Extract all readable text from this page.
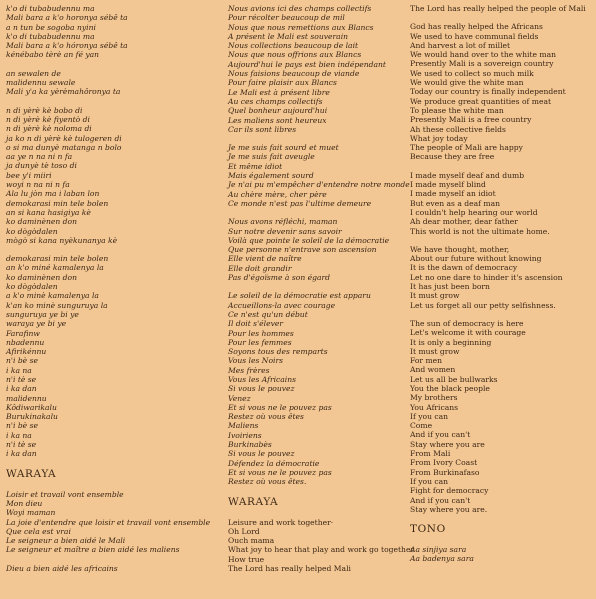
k'o di tubabudennu ma
Mali bara a k'o horonya sébê ta
a n tun be sogoba nyini
k'o di tubabudennu ma
Mali bara a k'o hóronya sébê ta
kénébabo tèrè an fé yan
an sewalen de
malidennu sewale
Mali y'a ka yèrèmahôronya ta
n di yèrè kè bobo di
n di yèrè kè fiyentò di
n di yèrè kè nolomа di
ja ko n di yèrè kè tulogeren di
o si ma dunyè matanga n bolo
aa ye n na ni n fa
ja dunyè tè toso di
bee y'i miiri
woyi n na ni n fa
Ala lu jòn ma i laban lon
demokarasi min tele bolen
an si kana hasigiya kè
ko daminènen don
ko dògòdalen
mògò si kana nyèkunanya kè
demokarasi min tele bolen
an k'o miné kamalenya la
ko daminènen don
ko dògòdalen
a k'o minè kamalenya la
k'an ko minè sunguruya la
sunguruya ye bi ye
waraya ye bi ye
Farafinw
nbadennu
Afirikénnu
n'i bè se
i ka na
n'i tè se
i ka dan
malidennu
Kôdiwarikalu
Burukinakalu
n'i bè se
i ka na
n'i tè se
i ka dan
WARAYA
Loisir et travail vont ensemble
Mon dieu
Woyi maman
La joie d'entendre que loisir et travail vont ensemble
Que cela est vrai
Le seigneur a bien aidé le Mali
Le seigneur et maître a bien aidé les maliens
Dieu a bien aidé les africains
Nous avions ici des champs collectifs
Pour récolter beaucoup de mil
Nous que nous remettions aux Blancs
A présent le Mali est souverain
Nous collections beaucoup de lait
Nous que nous offrions aux Blancs
Aujourd'hui le pays est bien indépendant
Nous faisions beaucoup de viande
Pour faire plaisir aux Blancs
Le Mali est à présent libre
Au ces champs collectifs
Quel bonheur aujourd'hui
Les maliens sont heureux
Car ils sont libres
Je me suis fait sourd et muet
Je me suis fait aveugle
Et même idiot
Mais également sourd
Je n'ai pu m'empêcher d'entendre notre monde
Au chère mère, cher père
Ce monde n'est pas l'ultime demeure
Nous avons réfléchi, maman
Sur notre devenir sans savoir
Voilà que pointe le soleil de la démocratie
Que personne n'entrave son ascension
Elle vient de naître
Elle doit grandir
Pas d'égoïsme à son égard
Le soleil de la démocratie est apparu
Accueillons-la avec courage
Ce n'est qu'un début
Il doit s'élever
Pour les hommes
Pour les femmes
Soyons tous des remparts
Vous les Noirs
Mes frères
Vous les Africains
Si vous le pouvez
Venez
Et si vous ne le pouvez pas
Restez où vous êtes
Maliens
Ivoiriens
Burkinabès
Si vous le pouvez
Défendez la démocratie
Et si vous ne le pouvez pas
Restez où vous êtes.
WARAYA
Leisure and work together·
Oh Lord
Ouch mama
What joy to hear that play and work go together
How true
The Lord has really helped Mali
The Lord has really helped the people of Mali
God has really helped the Africans
We used to have communal fields
And harvest a lot of millet
We would hand over to the white man
Presently Mali is a sovereign country
We used to collect so much milk
We would give the white man
Today our country is finally independent
We produce great quantities of meat
To please the white man
Presently Mali is a free country
Ah these collective fields
What joy today
The people of Mali are happy
Because they are free
I made myself deaf and dumb
I made myself blind
I made myself an idiot
But even as a deaf man
I couldn't help hearing our world
Ah dear mother, dear father
This world is not the ultimate home.
We have thought, mother,
About our future without knowing
It is the dawn of democracy
Let no one dare to hinder it's ascension
It has just been born
It must grow
Let us forget all our petty selfishness.
The sun of democracy is here
Let's welcome it with courage
It is only a beginning
It must grow
For men
And women
Let us all be bullwarks
You the black people
My brothers
You Africans
If you can
Come
And if you can't
Stay where you are
From Mali
From Ivory Coast
From Burkinafaso
If you can
Fight for democracy
And if you can't
Stay where you are.
TONO
Aa sinjiya sara
Aa badenya sara
